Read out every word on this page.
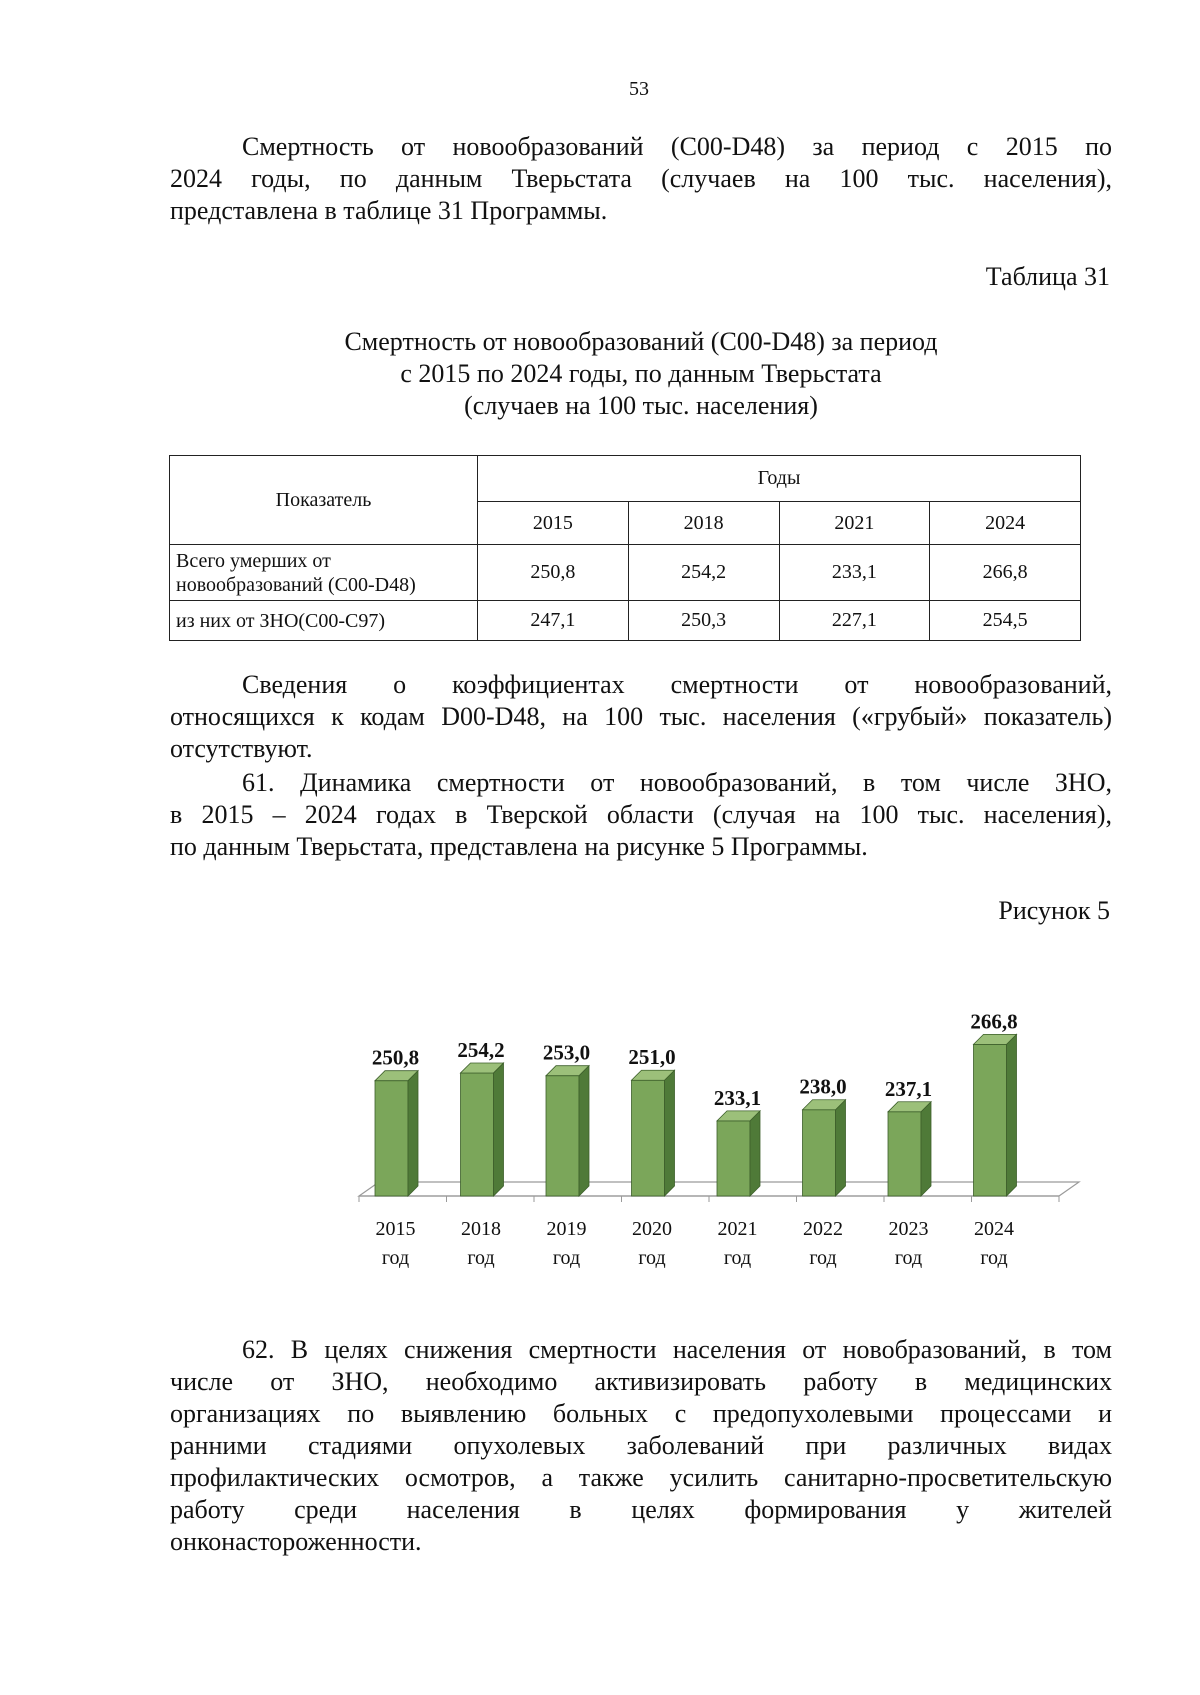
53
Смертность от новообразований (C00-D48) за период с 2015 по
2024 годы, по данным Тверьстата (случаев на 100 тыс. населения),
представлена в таблице 31 Программы.
Таблица 31
Смертность от новообразований (C00-D48) за период
с 2015 по 2024 годы, по данным Тверьстата
(случаев на 100 тыс. населения)
Показатель	Годы			
	2015	2018	2021	2024

Всего умерших от
новообразований (C00-D48)	250,8	254,2	233,1	266,8
из них от ЗНО(C00-C97)	247,1	250,3	227,1	254,5
Сведения о коэффициентах смертности от новообразований,
относящихся к кодам D00-D48, на 100 тыс. населения («грубый» показатель)
отсутствуют.
61. Динамика смертности от новообразований, в том числе ЗНО,
в 2015 – 2024 годах в Тверской области (случая на 100 тыс. населения),
по данным Тверьстата, представлена на рисунке 5 Программы.
Рисунок 5
250,8 254,2 253,0 251,0
233,1 238,0 237,1
266,8
2015 год
2018 год
2019 год
2020 год
2021 год
2022 год
2023 год
2024 год
62. В целях снижения смертности населения от новобразований, в том
числе от ЗНО, необходимо активизировать работу в медицинских
организациях по выявлению больных с предопухолевыми процессами и
ранними стадиями опухолевых заболеваний при различных видах
профилактических осмотров, а также усилить санитарно-просветительскую
работу среди населения в целях формирования у жителей
онконастороженности.
